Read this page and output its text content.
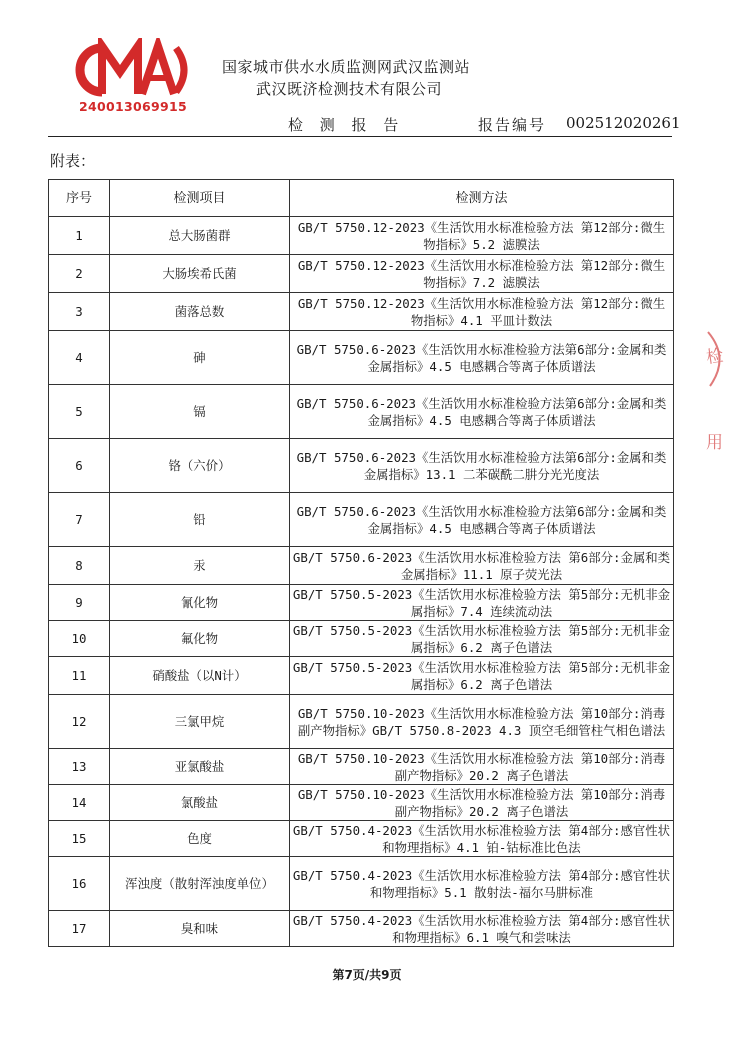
240013069915
国家城市供水水质监测网武汉监测站
武汉既济检测技术有限公司
检 测 报 告	报告编号 002512020261
附表：
序号	检测项目	检测方法
1	总大肠菌群	GB/T 5750.12-2023《生活饮用水标准检验方法 第12部分:微生物指标》5.2 滤膜法
2	大肠埃希氏菌	GB/T 5750.12-2023《生活饮用水标准检验方法 第12部分:微生物指标》7.2 滤膜法
3	菌落总数	GB/T 5750.12-2023《生活饮用水标准检验方法 第12部分:微生物指标》4.1 平皿计数法
4	砷	GB/T 5750.6-2023《生活饮用水标准检验方法第6部分:金属和类金属指标》4.5 电感耦合等离子体质谱法
5	镉	GB/T 5750.6-2023《生活饮用水标准检验方法第6部分:金属和类金属指标》4.5 电感耦合等离子体质谱法
6	铬（六价）	GB/T 5750.6-2023《生活饮用水标准检验方法第6部分:金属和类金属指标》13.1 二苯碳酰二肼分光光度法
7	铅	GB/T 5750.6-2023《生活饮用水标准检验方法第6部分:金属和类金属指标》4.5 电感耦合等离子体质谱法
8	汞	GB/T 5750.6-2023《生活饮用水标准检验方法 第6部分:金属和类金属指标》11.1 原子荧光法
9	氰化物	GB/T 5750.5-2023《生活饮用水标准检验方法 第5部分:无机非金属指标》7.4 连续流动法
10	氟化物	GB/T 5750.5-2023《生活饮用水标准检验方法 第5部分:无机非金属指标》6.2 离子色谱法
11	硝酸盐（以N计）	GB/T 5750.5-2023《生活饮用水标准检验方法 第5部分:无机非金属指标》6.2 离子色谱法
12	三氯甲烷	GB/T 5750.10-2023《生活饮用水标准检验方法 第10部分:消毒副产物指标》GB/T 5750.8-2023 4.3 顶空毛细管柱气相色谱法
13	亚氯酸盐	GB/T 5750.10-2023《生活饮用水标准检验方法 第10部分:消毒副产物指标》20.2 离子色谱法
14	氯酸盐	GB/T 5750.10-2023《生活饮用水标准检验方法 第10部分:消毒副产物指标》20.2 离子色谱法
15	色度	GB/T 5750.4-2023《生活饮用水标准检验方法 第4部分:感官性状和物理指标》4.1 铂-钴标准比色法
16	浑浊度（散射浑浊度单位）	GB/T 5750.4-2023《生活饮用水标准检验方法 第4部分:感官性状和物理指标》5.1 散射法-福尔马肼标准
17	臭和味	GB/T 5750.4-2023《生活饮用水标准检验方法 第4部分:感官性状和物理指标》6.1 嗅气和尝味法
检
用
第7页/共9页
